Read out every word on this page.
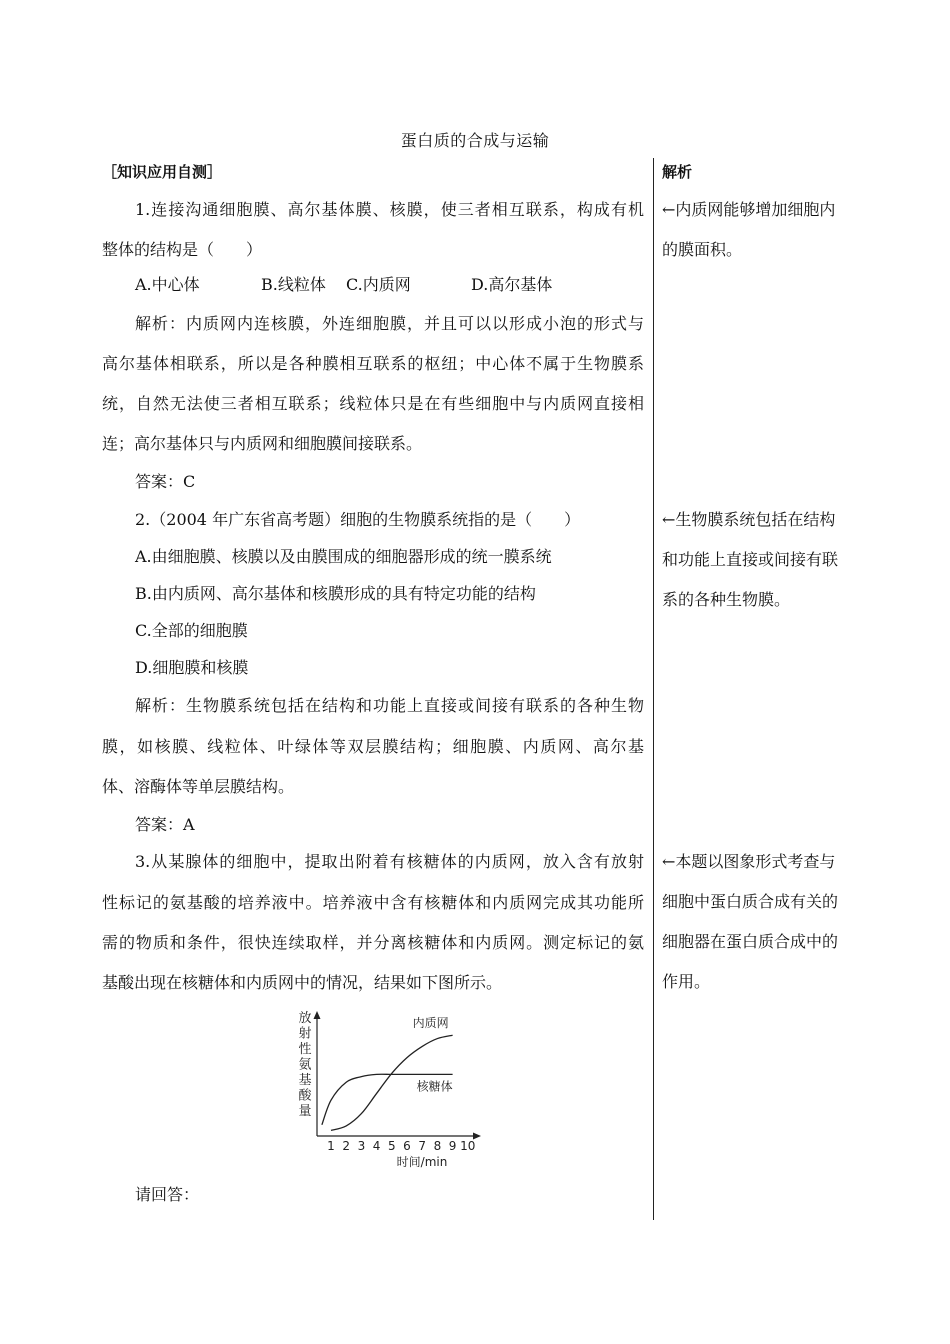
蛋白质的合成与运输
［知识应用自测］
1.连接沟通细胞膜、高尔基体膜、核膜，使三者相互联系，构成有机
整体的结构是（　　）
A.中心体	B.线粒体 C.内质网	D.高尔基体
解析：内质网内连核膜，外连细胞膜，并且可以以形成小泡的形式与
高尔基体相联系，所以是各种膜相互联系的枢纽；中心体不属于生物膜系
统，自然无法使三者相互联系；线粒体只是在有些细胞中与内质网直接相
连；高尔基体只与内质网和细胞膜间接联系。
答案：C
2.（2004 年广东省高考题）细胞的生物膜系统指的是（　　）
A.由细胞膜、核膜以及由膜围成的细胞器形成的统一膜系统
B.由内质网、高尔基体和核膜形成的具有特定功能的结构
C.全部的细胞膜
D.细胞膜和核膜
解析：生物膜系统包括在结构和功能上直接或间接有联系的各种生物
膜，如核膜、线粒体、叶绿体等双层膜结构；细胞膜、内质网、高尔基
体、溶酶体等单层膜结构。
答案：A
3.从某腺体的细胞中，提取出附着有核糖体的内质网，放入含有放射
性标记的氨基酸的培养液中。培养液中含有核糖体和内质网完成其功能所
需的物质和条件，很快连续取样，并分离核糖体和内质网。测定标记的氨
基酸出现在核糖体和内质网中的情况，结果如下图所示。
请回答：
解析
←内质网能够增加细胞内
的膜面积。
←生物膜系统包括在结构
和功能上直接或间接有联
系的各种生物膜。
←本题以图象形式考查与
细胞中蛋白质合成有关的
细胞器在蛋白质合成中的
作用。
放
射
性
氨
基
酸
量
1 2 3 4 5 6 7 8 9 10
内质网
核糖体
时间/min
